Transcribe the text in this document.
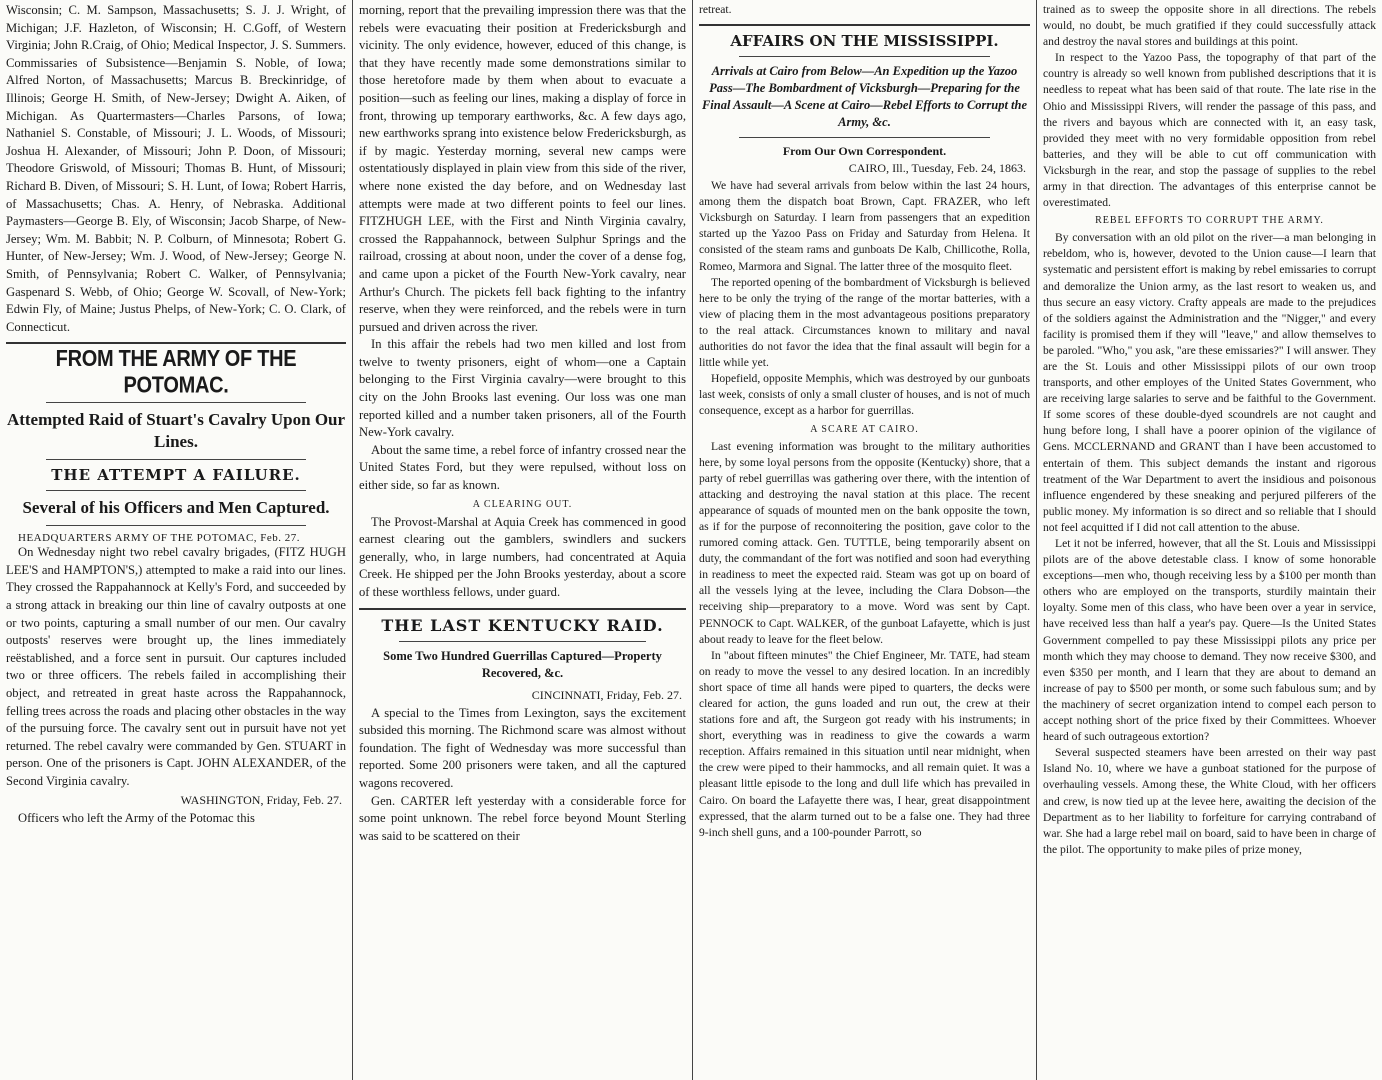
Wisconsin; C. M. Sampson, Massachusetts; S. J. J. Wright, of Michigan; J.F. Hazleton, of Wisconsin; H. C.Goff, of Western Virginia; John R.Craig, of Ohio; Medical Inspector, J. S. Summers. Commissaries of Subsistence—Benjamin S. Noble, of Iowa; Alfred Norton, of Massachusetts; Marcus B. Breckinridge, of Illinois; George H. Smith, of New-Jersey; Dwight A. Aiken, of Michigan. As Quartermasters—Charles Parsons, of Iowa; Nathaniel S. Constable, of Missouri; J. L. Woods, of Missouri; Joshua H. Alexander, of Missouri; John P. Doon, of Missouri; Theodore Griswold, of Missouri; Thomas B. Hunt, of Missouri; Richard B. Diven, of Missouri; S. H. Lunt, of Iowa; Robert Harris, of Massachusetts; Chas. A. Henry, of Nebraska. Additional Paymasters—George B. Ely, of Wisconsin; Jacob Sharpe, of New-Jersey; Wm. M. Babbit; N. P. Colburn, of Minnesota; Robert G. Hunter, of New-Jersey; Wm. J. Wood, of New-Jersey; George N. Smith, of Pennsylvania; Robert C. Walker, of Pennsylvania; Gaspenard S. Webb, of Ohio; George W. Scovall, of New-York; Edwin Fly, of Maine; Justus Phelps, of New-York; C. O. Clark, of Connecticut.

FROM THE ARMY OF THE POTOMAC.
Attempted Raid of Stuart's Cavalry Upon Our Lines.
THE ATTEMPT A FAILURE.
Several of his Officers and Men Captured.
HEADQUARTERS ARMY OF THE POTOMAC, Feb. 27.

On Wednesday night two rebel cavalry brigades, (FITZ HUGH LEE'S and HAMPTON'S,) attempted to make a raid into our lines. They crossed the Rappahannock at Kelly's Ford, and succeeded by a strong attack in breaking our thin line of cavalry outposts at one or two points, capturing a small number of our men. Our cavalry outposts' reserves were brought up, the lines immediately reëstablished, and a force sent in pursuit. Our captures included two or three officers. The rebels failed in accomplishing their object, and retreated in great haste across the Rappahannock, felling trees across the roads and placing other obstacles in the way of the pursuing force. The cavalry sent out in pursuit have not yet returned. The rebel cavalry were commanded by Gen. STUART in person. One of the prisoners is Capt. JOHN ALEXANDER, of the Second Virginia cavalry.

WASHINGTON, Friday, Feb. 27.

Officers who left the Army of the Potomac this

morning, report that the prevailing impression there was that the rebels were evacuating their position at Fredericksburgh and vicinity. The only evidence, however, educed of this change, is that they have recently made some demonstrations similar to those heretofore made by them when about to evacuate a position—such as feeling our lines, making a display of force in front, throwing up temporary earthworks, &c. A few days ago, new earthworks sprang into existence below Fredericksburgh, as if by magic. Yesterday morning, several new camps were ostentatiously displayed in plain view from this side of the river, where none existed the day before, and on Wednesday last attempts were made at two different points to feel our lines. FITZHUGH LEE, with the First and Ninth Virginia cavalry, crossed the Rappahannock, between Sulphur Springs and the railroad, crossing at about noon, under the cover of a dense fog, and came upon a picket of the Fourth New-York cavalry, near Arthur's Church. The pickets fell back fighting to the infantry reserve, when they were reinforced, and the rebels were in turn pursued and driven across the river.

In this affair the rebels had two men killed and lost from twelve to twenty prisoners, eight of whom—one a Captain belonging to the First Virginia cavalry—were brought to this city on the John Brooks last evening. Our loss was one man reported killed and a number taken prisoners, all of the Fourth New-York cavalry.

About the same time, a rebel force of infantry crossed near the United States Ford, but they were repulsed, without loss on either side, so far as known.

A CLEARING OUT.

The Provost-Marshal at Aquia Creek has commenced in good earnest clearing out the gamblers, swindlers and suckers generally, who, in large numbers, had concentrated at Aquia Creek. He shipped per the John Brooks yesterday, about a score of these worthless fellows, under guard.

THE LAST KENTUCKY RAID.
Some Two Hundred Guerrillas Captured—Property Recovered, &c.
CINCINNATI, Friday, Feb. 27.

A special to the Times from Lexington, says the excitement subsided this morning. The Richmond scare was almost without foundation. The fight of Wednesday was more successful than reported. Some 200 prisoners were taken, and all the captured wagons recovered.

Gen. CARTER left yesterday with a considerable force for some point unknown. The rebel force beyond Mount Sterling was said to be scattered on their

retreat.

AFFAIRS ON THE MISSISSIPPI.
Arrivals at Cairo from Below—An Expedition up the Yazoo Pass—The Bombardment of Vicksburgh—Preparing for the Final Assault—A Scene at Cairo—Rebel Efforts to Corrupt the Army, &c.
From Our Own Correspondent.
CAIRO, Ill., Tuesday, Feb. 24, 1863.

We have had several arrivals from below within the last 24 hours, among them the dispatch boat Brown, Capt. FRAZER, who left Vicksburgh on Saturday. I learn from passengers that an expedition started up the Yazoo Pass on Friday and Saturday from Helena. It consisted of the steam rams and gunboats De Kalb, Chillicothe, Rolla, Romeo, Marmora and Signal. The latter three of the mosquito fleet.

The reported opening of the bombardment of Vicksburgh is believed here to be only the trying of the range of the mortar batteries, with a view of placing them in the most advantageous positions preparatory to the real attack. Circumstances known to military and naval authorities do not favor the idea that the final assault will begin for a little while yet.

Hopefield, opposite Memphis, which was destroyed by our gunboats last week, consists of only a small cluster of houses, and is not of much consequence, except as a harbor for guerrillas.

A SCARE AT CAIRO.

Last evening information was brought to the military authorities here, by some loyal persons from the opposite (Kentucky) shore, that a party of rebel guerrillas was gathering over there, with the intention of attacking and destroying the naval station at this place. The recent appearance of squads of mounted men on the bank opposite the town, as if for the purpose of reconnoitering the position, gave color to the rumored coming attack. Gen. TUTTLE, being temporarily absent on duty, the commandant of the fort was notified and soon had everything in readiness to meet the expected raid. Steam was got up on board of all the vessels lying at the levee, including the Clara Dobson—the receiving ship—preparatory to a move. Word was sent by Capt. PENNOCK to Capt. WALKER, of the gunboat Lafayette, which is just about ready to leave for the fleet below.

In "about fifteen minutes" the Chief Engineer, Mr. TATE, had steam on ready to move the vessel to any desired location. In an incredibly short space of time all hands were piped to quarters, the decks were cleared for action, the guns loaded and run out, the crew at their stations fore and aft, the Surgeon got ready with his instruments; in short, everything was in readiness to give the cowards a warm reception. Affairs remained in this situation until near midnight, when the crew were piped to their hammocks, and all remain quiet. It was a pleasant little episode to the long and dull life which has prevailed in Cairo. On board the Lafayette there was, I hear, great disappointment expressed, that the alarm turned out to be a false one. They had three 9-inch shell guns, and a 100-pounder Parrott, so

trained as to sweep the opposite shore in all directions. The rebels would, no doubt, be much gratified if they could successfully attack and destroy the naval stores and buildings at this point.

In respect to the Yazoo Pass, the topography of that part of the country is already so well known from published descriptions that it is needless to repeat what has been said of that route. The late rise in the Ohio and Mississippi Rivers, will render the passage of this pass, and the rivers and bayous which are connected with it, an easy task, provided they meet with no very formidable opposition from rebel batteries, and they will be able to cut off communication with Vicksburgh in the rear, and stop the passage of supplies to the rebel army in that direction. The advantages of this enterprise cannot be overestimated.

REBEL EFFORTS TO CORRUPT THE ARMY.

By conversation with an old pilot on the river—a man belonging in rebeldom, who is, however, devoted to the Union cause—I learn that systematic and persistent effort is making by rebel emissaries to corrupt and demoralize the Union army, as the last resort to weaken us, and thus secure an easy victory. Crafty appeals are made to the prejudices of the soldiers against the Administration and the "Nigger," and every facility is promised them if they will "leave," and allow themselves to be paroled. "Who," you ask, "are these emissaries?" I will answer. They are the St. Louis and other Mississippi pilots of our own troop transports, and other employes of the United States Government, who are receiving large salaries to serve and be faithful to the Government. If some scores of these double-dyed scoundrels are not caught and hung before long, I shall have a poorer opinion of the vigilance of Gens. MCCLERNAND and GRANT than I have been accustomed to entertain of them. This subject demands the instant and rigorous treatment of the War Department to avert the insidious and poisonous influence engendered by these sneaking and perjured pilferers of the public money. My information is so direct and so reliable that I should not feel acquitted if I did not call attention to the abuse.

Let it not be inferred, however, that all the St. Louis and Mississippi pilots are of the above detestable class. I know of some honorable exceptions—men who, though receiving less by a $100 per month than others who are employed on the transports, sturdily maintain their loyalty. Some men of this class, who have been over a year in service, have received less than half a year's pay. Quere—Is the United States Government compelled to pay these Mississippi pilots any price per month which they may choose to demand. They now receive $300, and even $350 per month, and I learn that they are about to demand an increase of pay to $500 per month, or some such fabulous sum; and by the machinery of secret organization intend to compel each person to accept nothing short of the price fixed by their Committees. Whoever heard of such outrageous extortion?

Several suspected steamers have been arrested on their way past Island No. 10, where we have a gunboat stationed for the purpose of overhauling vessels. Among these, the White Cloud, with her officers and crew, is now tied up at the levee here, awaiting the decision of the Department as to her liability to forfeiture for carrying contraband of war. She had a large rebel mail on board, said to have been in charge of the pilot. The opportunity to make piles of prize money,
